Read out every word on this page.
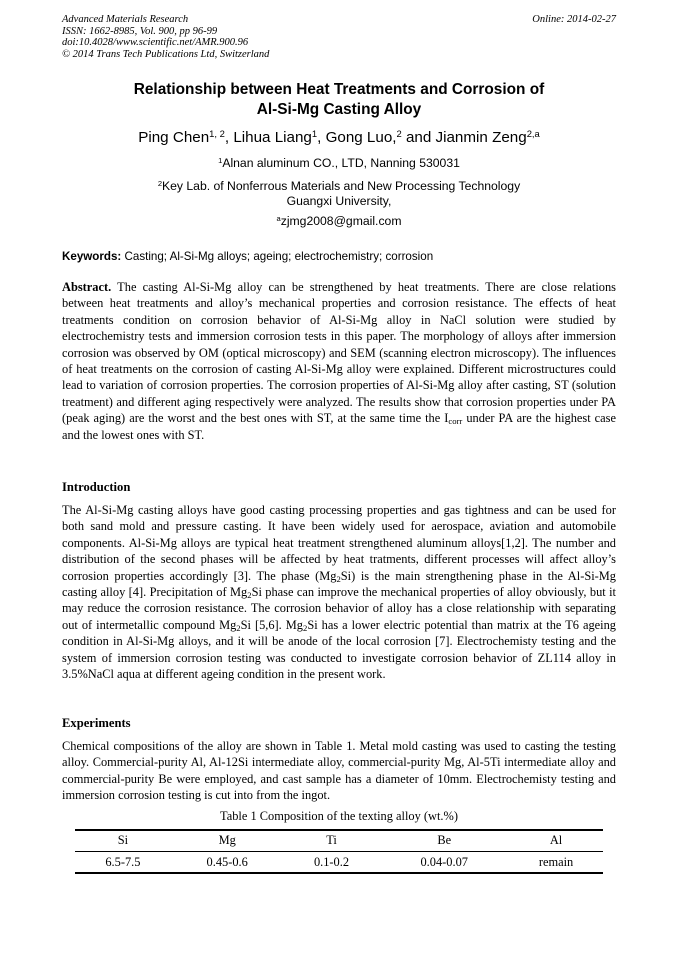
Advanced Materials Research
ISSN: 1662-8985, Vol. 900, pp 96-99
doi:10.4028/www.scientific.net/AMR.900.96
© 2014 Trans Tech Publications Ltd, Switzerland
Online: 2014-02-27
Relationship between Heat Treatments and Corrosion of
Al-Si-Mg Casting Alloy
Ping Chen$^{1, 2}$, Lihua Liang$^1$, Gong Luo,$^2$ and Jianmin Zeng$^{2,a}$
$^1$Alnan aluminum CO., LTD, Nanning 530031
$^2$Key Lab. of Nonferrous Materials and New Processing Technology
Guangxi University,
$^a$zjmg2008@gmail.com
Keywords: Casting; Al-Si-Mg alloys; ageing; electrochemistry; corrosion
Abstract. The casting Al-Si-Mg alloy can be strengthened by heat treatments. There are close relations between heat treatments and alloy’s mechanical properties and corrosion resistance. The effects of heat treatments condition on corrosion behavior of Al-Si-Mg alloy in NaCl solution were studied by electrochemistry tests and immersion corrosion tests in this paper. The morphology of alloys after immersion corrosion was observed by OM (optical microscopy) and SEM (scanning electron microscopy). The influences of heat treatments on the corrosion of casting Al-Si-Mg alloy were explained. Different microstructures could lead to variation of corrosion properties. The corrosion properties of Al-Si-Mg alloy after casting, ST (solution treatment) and different aging respectively were analyzed. The results show that corrosion properties under PA (peak aging) are the worst and the best ones with ST, at the same time the $I_{corr}$ under PA are the highest case and the lowest ones with ST.
Introduction
The Al-Si-Mg casting alloys have good casting processing properties and gas tightness and can be used for both sand mold and pressure casting. It have been widely used for aerospace, aviation and automobile components. Al-Si-Mg alloys are typical heat treatment strengthened aluminum alloys[1,2]. The number and distribution of the second phases will be affected by heat tratments, different processes will affect alloy’s corrosion properties accordingly [3]. The phase $(Mg_2Si)$ is the main strengthening phase in the Al-Si-Mg casting alloy [4]. Precipitation of $Mg_2Si$ phase can improve the mechanical properties of alloy obviously, but it may reduce the corrosion resistance. The corrosion behavior of alloy has a close relationship with separating out of intermetallic compound $Mg_2Si$ [5,6]. $Mg_2Si$ has a lower electric potential than matrix at the T6 ageing condition in Al-Si-Mg alloys, and it will be anode of the local corrosion [7]. Electrochemisty testing and the system of immersion corrosion testing was conducted to investigate corrosion behavior of ZL114 alloy in 3.5%NaCl aqua at different ageing condition in the present work.
Experiments
Chemical compositions of the alloy are shown in Table 1. Metal mold casting was used to casting the testing alloy. Commercial-purity Al, Al-12Si intermediate alloy, commercial-purity Mg, Al-5Ti intermediate alloy and commercial-purity Be were employed, and cast sample has a diameter of 10mm. Electrochemisty testing and immersion corrosion testing is cut into from the ingot.
Table 1 Composition of the texting alloy (wt.%)
Si	Mg	Ti	Be	Al
6.5-7.5	0.45-0.6	0.1-0.2	0.04-0.07	remain
